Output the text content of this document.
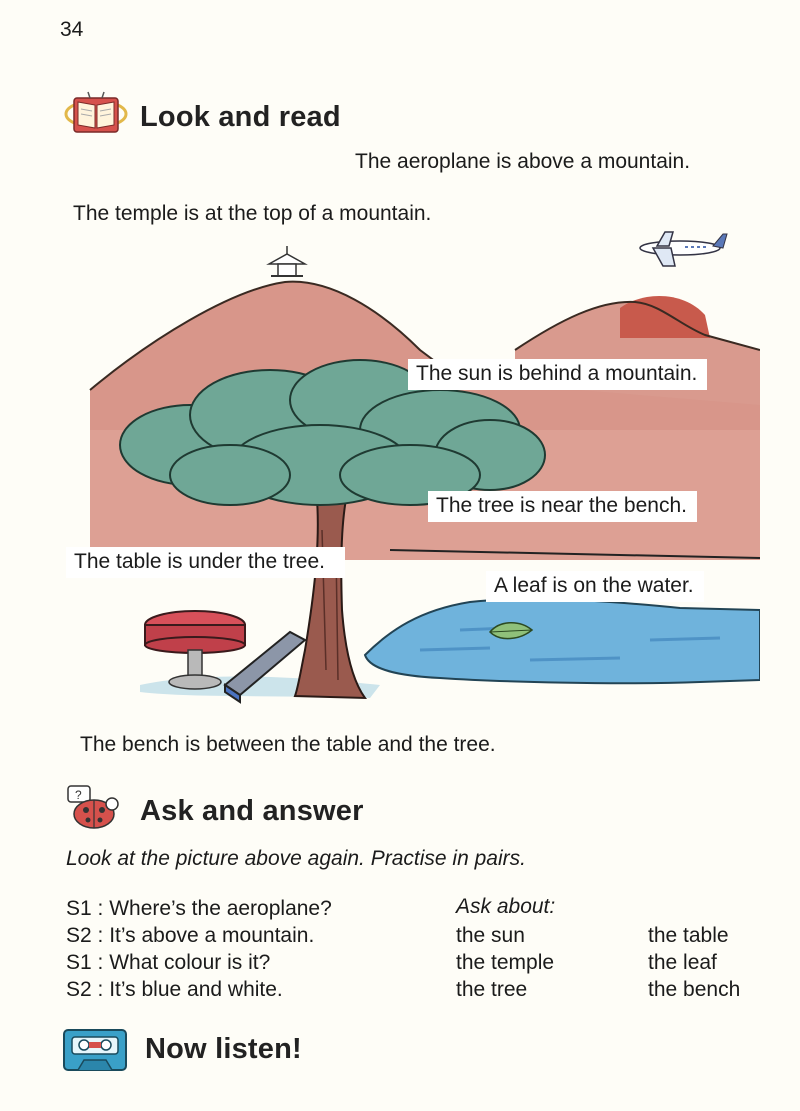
34
Look and read
The aeroplane is above a mountain.
The temple is at the top of a mountain.
The sun is behind a mountain.
The tree is near the bench.
The table is under the tree.
A leaf is on the water.
The bench is between the table and the tree.
? Ask and answer
Look at the picture above again. Practise in pairs.
S1 : Where’s the aeroplane?
S2 : It’s above a mountain.
S1 : What colour is it?
S2 : It’s blue and white.
Ask about:
the sun
the temple
the tree
the table
the leaf
the bench
Now listen!
